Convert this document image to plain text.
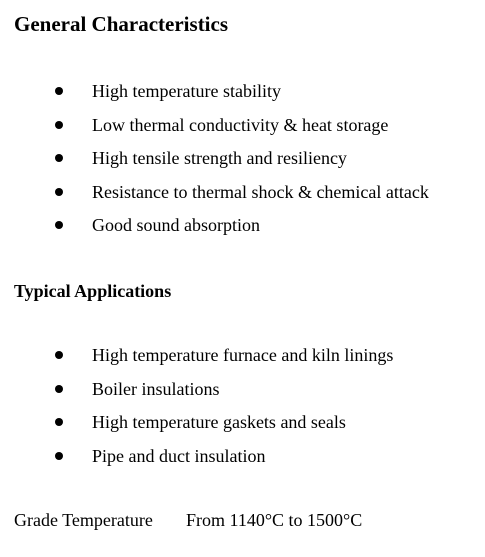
General Characteristics
High temperature stability
Low thermal conductivity & heat storage
High tensile strength and resiliency
Resistance to thermal shock & chemical attack
Good sound absorption
Typical Applications
High temperature furnace and kiln linings
Boiler insulations
High temperature gaskets and seals
Pipe and duct insulation
Grade Temperature From 1140°C to 1500°C
